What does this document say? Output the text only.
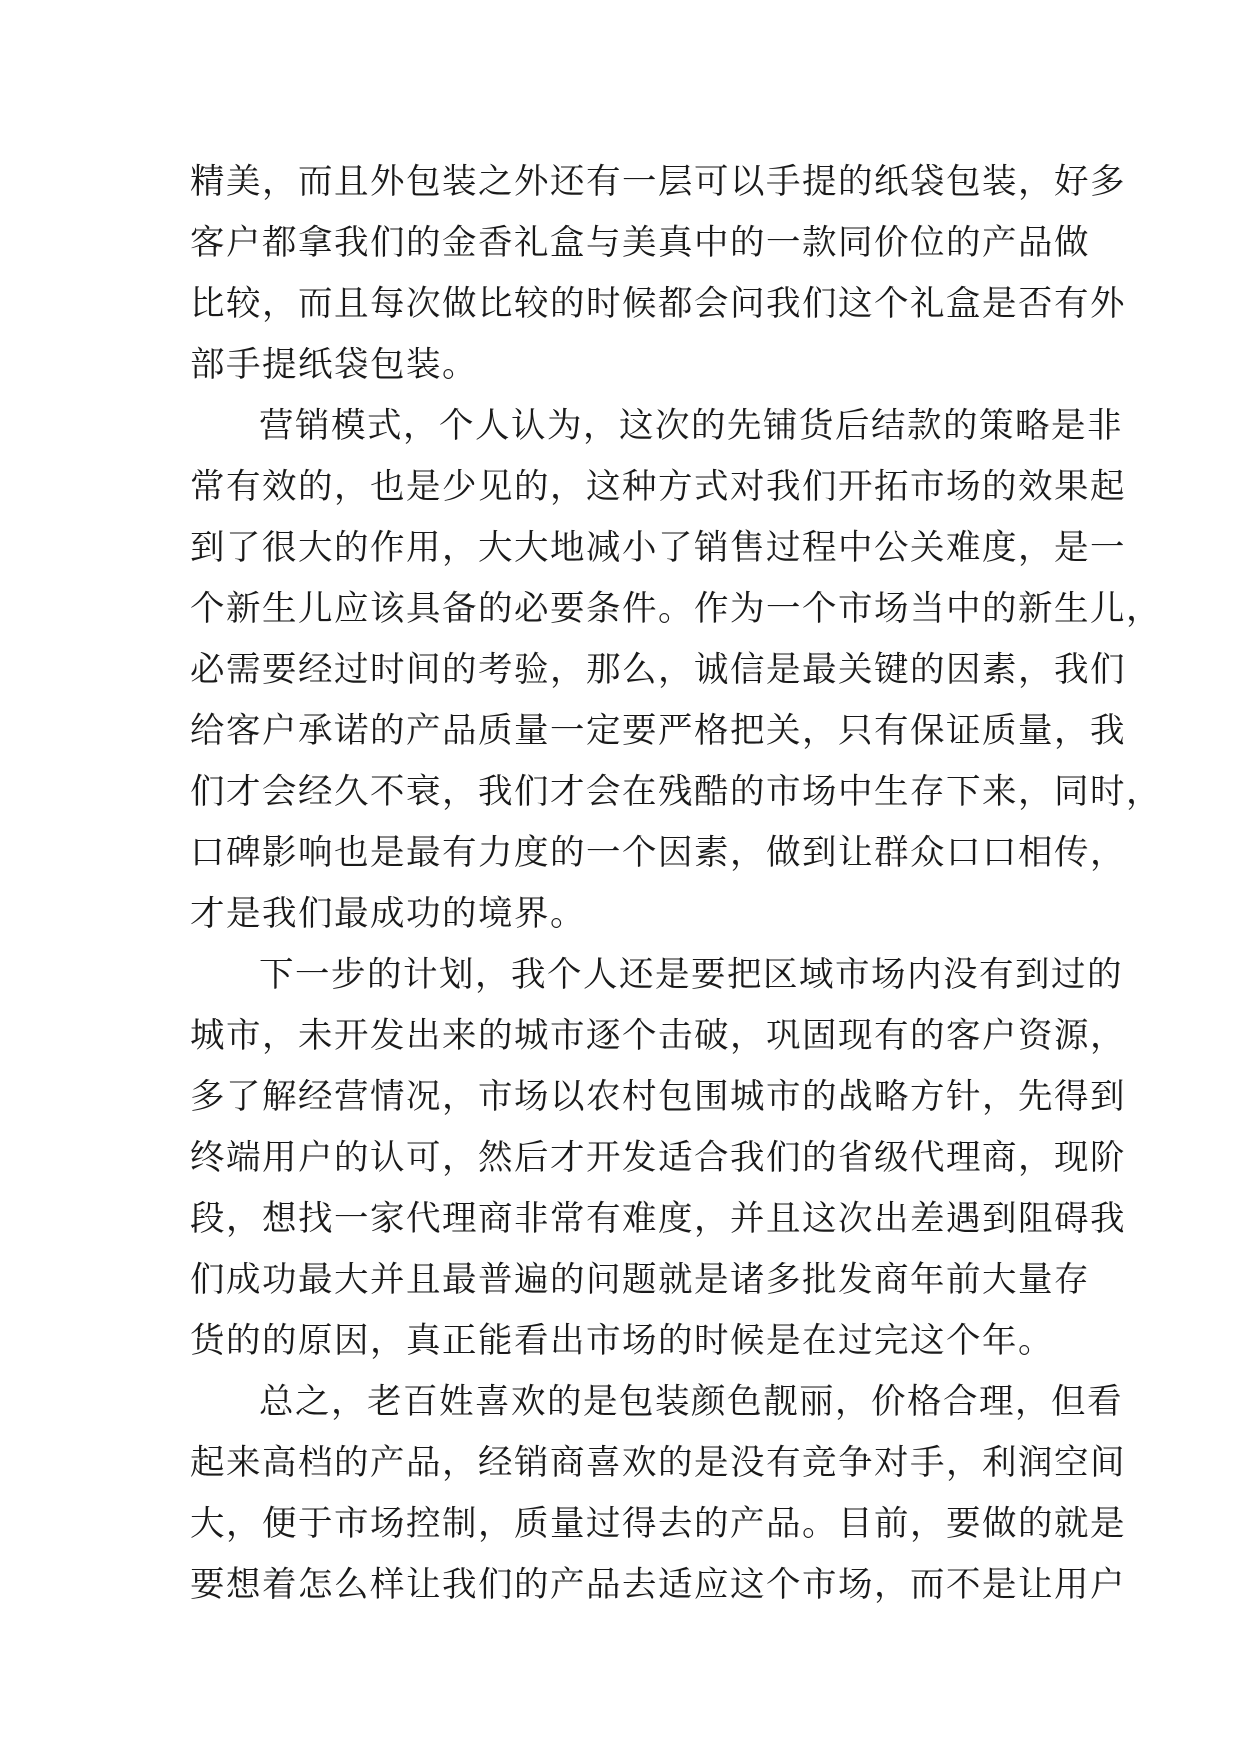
精美，而且外包装之外还有一层可以手提的纸袋包装，好多
客户都拿我们的金香礼盒与美真中的一款同价位的产品做
比较，而且每次做比较的时候都会问我们这个礼盒是否有外
部手提纸袋包装。
营销模式，个人认为，这次的先铺货后结款的策略是非
常有效的，也是少见的，这种方式对我们开拓市场的效果起
到了很大的作用，大大地减小了销售过程中公关难度，是一
个新生儿应该具备的必要条件。作为一个市场当中的新生儿，
必需要经过时间的考验，那么，诚信是最关键的因素，我们
给客户承诺的产品质量一定要严格把关，只有保证质量，我
们才会经久不衰，我们才会在残酷的市场中生存下来，同时，
口碑影响也是最有力度的一个因素，做到让群众口口相传，
才是我们最成功的境界。
下一步的计划，我个人还是要把区域市场内没有到过的
城市，未开发出来的城市逐个击破，巩固现有的客户资源，
多了解经营情况，市场以农村包围城市的战略方针，先得到
终端用户的认可，然后才开发适合我们的省级代理商，现阶
段，想找一家代理商非常有难度，并且这次出差遇到阻碍我
们成功最大并且最普遍的问题就是诸多批发商年前大量存
货的的原因，真正能看出市场的时候是在过完这个年。
总之，老百姓喜欢的是包装颜色靓丽，价格合理，但看
起来高档的产品，经销商喜欢的是没有竞争对手，利润空间
大，便于市场控制，质量过得去的产品。目前，要做的就是
要想着怎么样让我们的产品去适应这个市场，而不是让用户
